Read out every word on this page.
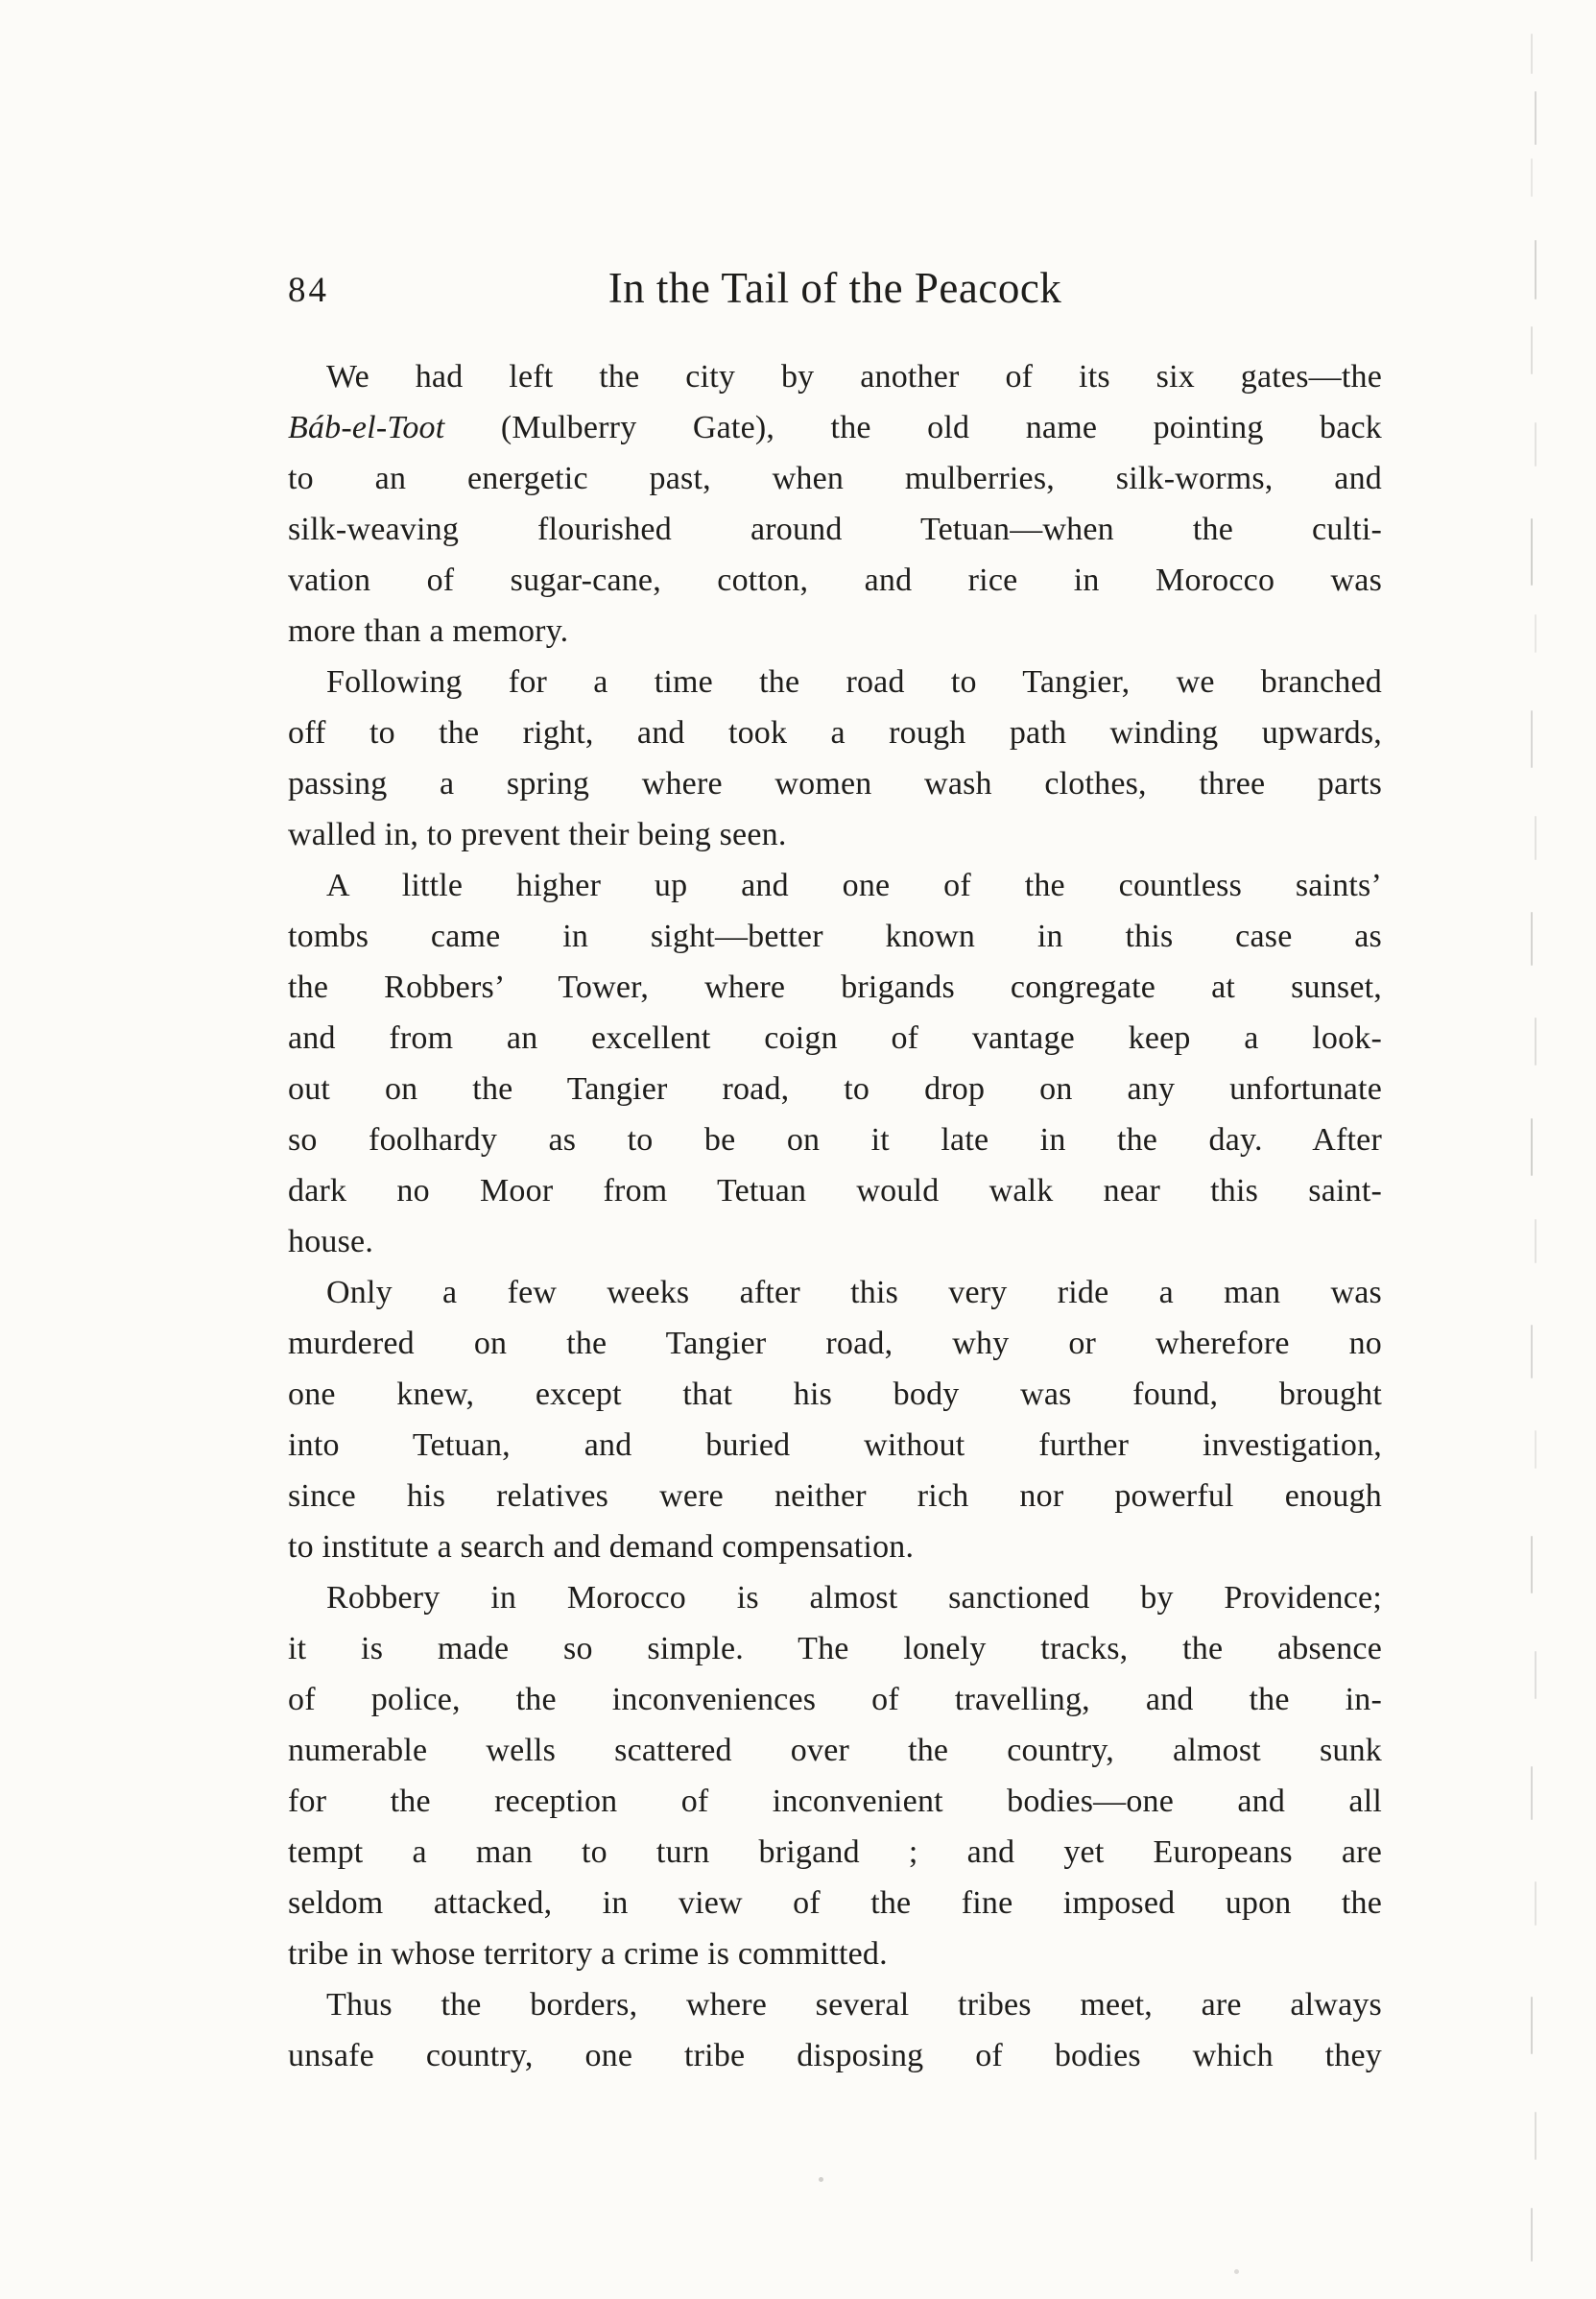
84	In the Tail of the Peacock
We had left the city by another of its six gates—the
Báb-el-Toot (Mulberry Gate), the old name pointing back
to an energetic past, when mulberries, silk-worms, and
silk-weaving flourished around Tetuan—when the culti-
vation of sugar-cane, cotton, and rice in Morocco was
more than a memory.
Following for a time the road to Tangier, we branched
off to the right, and took a rough path winding upwards,
passing a spring where women wash clothes, three parts
walled in, to prevent their being seen.
A little higher up and one of the countless saints’
tombs came in sight—better known in this case as
the Robbers’ Tower, where brigands congregate at sunset,
and from an excellent coign of vantage keep a look-
out on the Tangier road, to drop on any unfortunate
so foolhardy as to be on it late in the day. After
dark no Moor from Tetuan would walk near this saint-
house.
Only a few weeks after this very ride a man was
murdered on the Tangier road, why or wherefore no
one knew, except that his body was found, brought
into Tetuan, and buried without further investigation,
since his relatives were neither rich nor powerful enough
to institute a search and demand compensation.
Robbery in Morocco is almost sanctioned by Providence;
it is made so simple. The lonely tracks, the absence
of police, the inconveniences of travelling, and the in-
numerable wells scattered over the country, almost sunk
for the reception of inconvenient bodies—one and all
tempt a man to turn brigand ; and yet Europeans are
seldom attacked, in view of the fine imposed upon the
tribe in whose territory a crime is committed.
Thus the borders, where several tribes meet, are always
unsafe country, one tribe disposing of bodies which they
